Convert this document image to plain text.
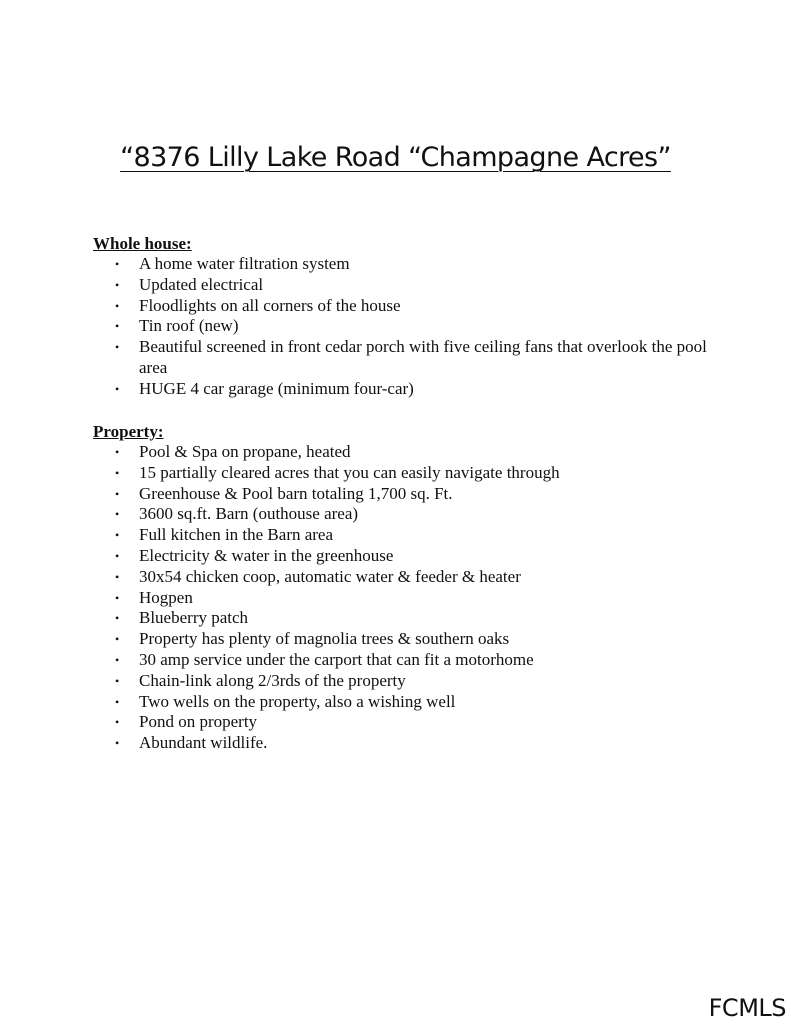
“8376 Lilly Lake Road “Champagne Acres”
Whole house:
• A home water filtration system
• Updated electrical
• Floodlights on all corners of the house
• Tin roof (new)
• Beautiful screened in front cedar porch with five ceiling fans that overlook the pool area
• HUGE 4 car garage (minimum four-car)
Property:
• Pool & Spa on propane, heated
• 15 partially cleared acres that you can easily navigate through
• Greenhouse & Pool barn totaling 1,700 sq. Ft.
• 3600 sq.ft. Barn (outhouse area)
• Full kitchen in the Barn area
• Electricity & water in the greenhouse
• 30x54 chicken coop, automatic water & feeder & heater
• Hogpen
• Blueberry patch
• Property has plenty of magnolia trees & southern oaks
• 30 amp service under the carport that can fit a motorhome
• Chain-link along 2/3rds of the property
• Two wells on the property, also a wishing well
• Pond on property
• Abundant wildlife.
FCMLS
